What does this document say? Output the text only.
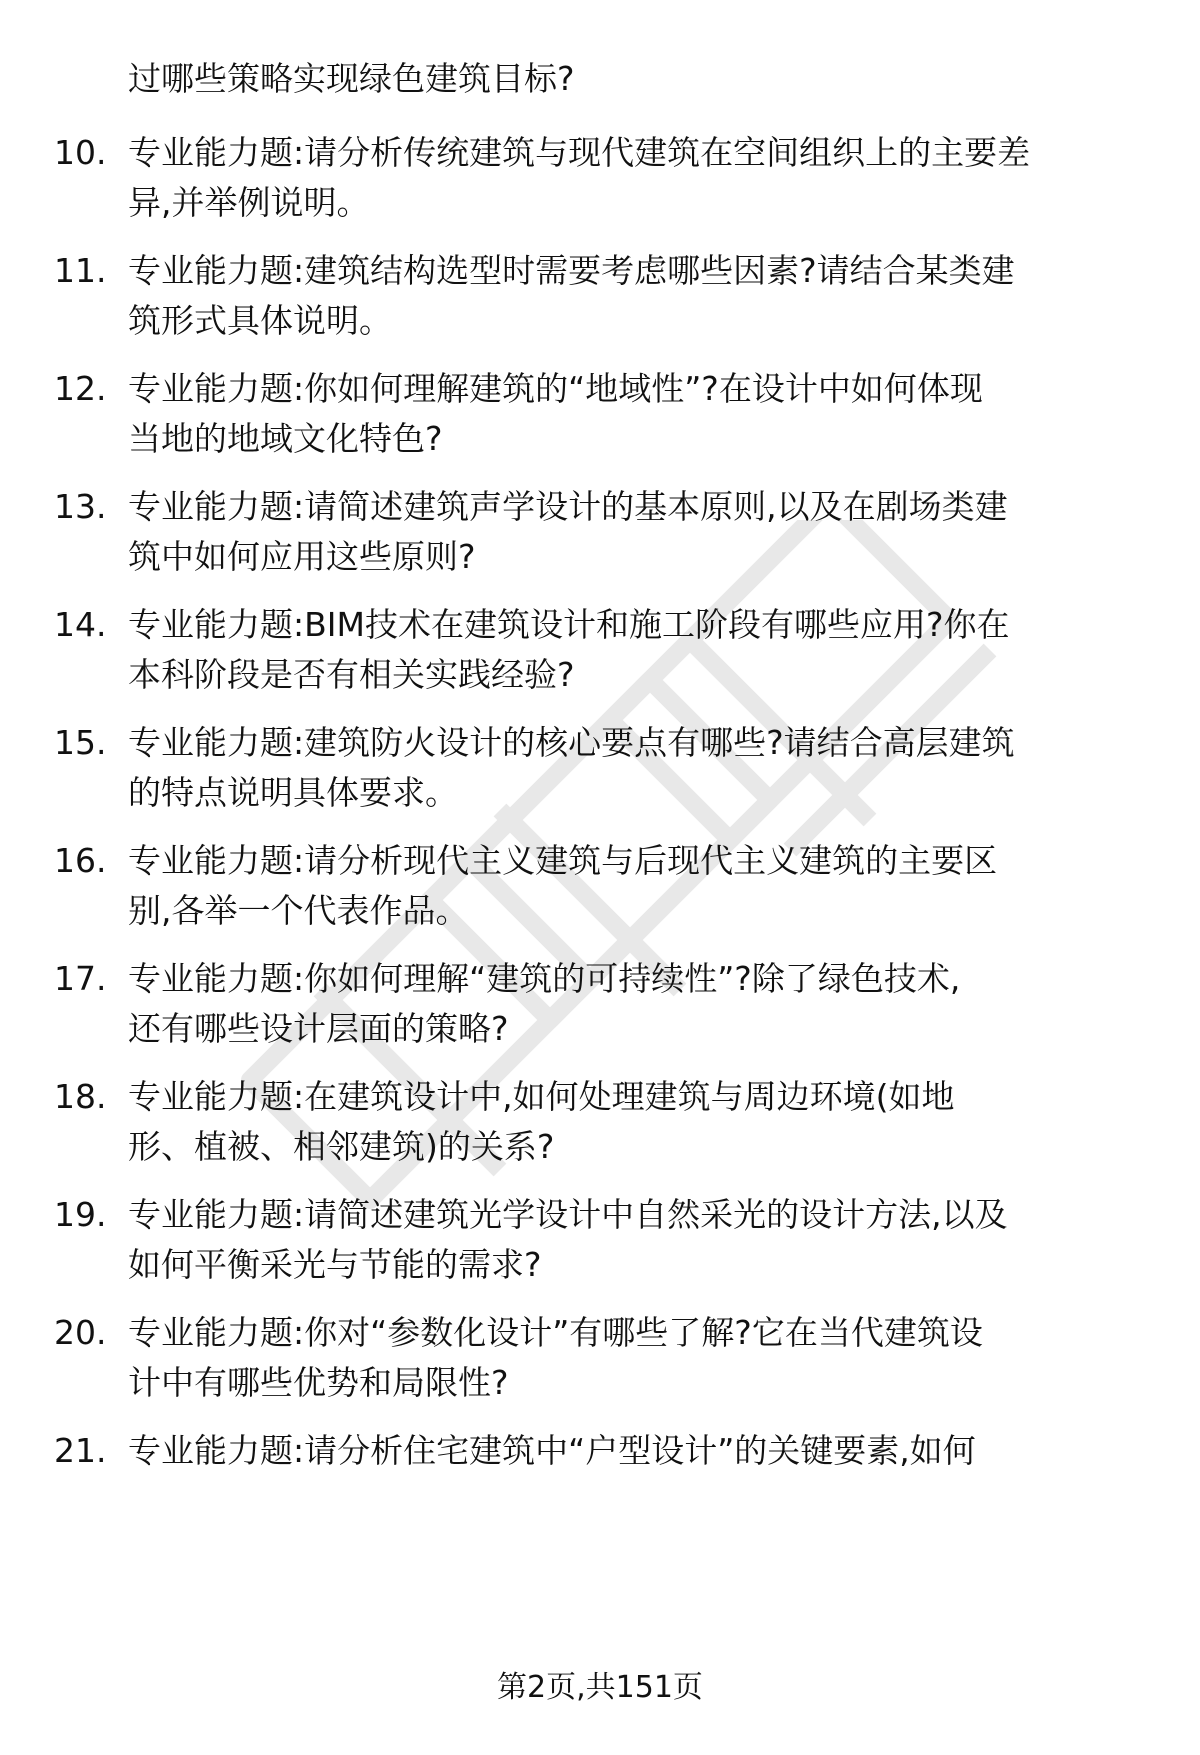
过哪些策略实现绿色建筑目标?
10. 专业能力题:请分析传统建筑与现代建筑在空间组织上的主要差
异,并举例说明。
11. 专业能力题:建筑结构选型时需要考虑哪些因素?请结合某类建
筑形式具体说明。
12. 专业能力题:你如何理解建筑的“地域性”?在设计中如何体现
当地的地域文化特色?
13. 专业能力题:请简述建筑声学设计的基本原则,以及在剧场类建
筑中如何应用这些原则?
14. 专业能力题:BIM技术在建筑设计和施工阶段有哪些应用?你在
本科阶段是否有相关实践经验?
15. 专业能力题:建筑防火设计的核心要点有哪些?请结合高层建筑
的特点说明具体要求。
16. 专业能力题:请分析现代主义建筑与后现代主义建筑的主要区
别,各举一个代表作品。
17. 专业能力题:你如何理解“建筑的可持续性”?除了绿色技术,
还有哪些设计层面的策略?
18. 专业能力题:在建筑设计中,如何处理建筑与周边环境(如地
形、植被、相邻建筑)的关系?
19. 专业能力题:请简述建筑光学设计中自然采光的设计方法,以及
如何平衡采光与节能的需求?
20. 专业能力题:你对“参数化设计”有哪些了解?它在当代建筑设
计中有哪些优势和局限性?
21. 专业能力题:请分析住宅建筑中“户型设计”的关键要素,如何
第2页,共151页
